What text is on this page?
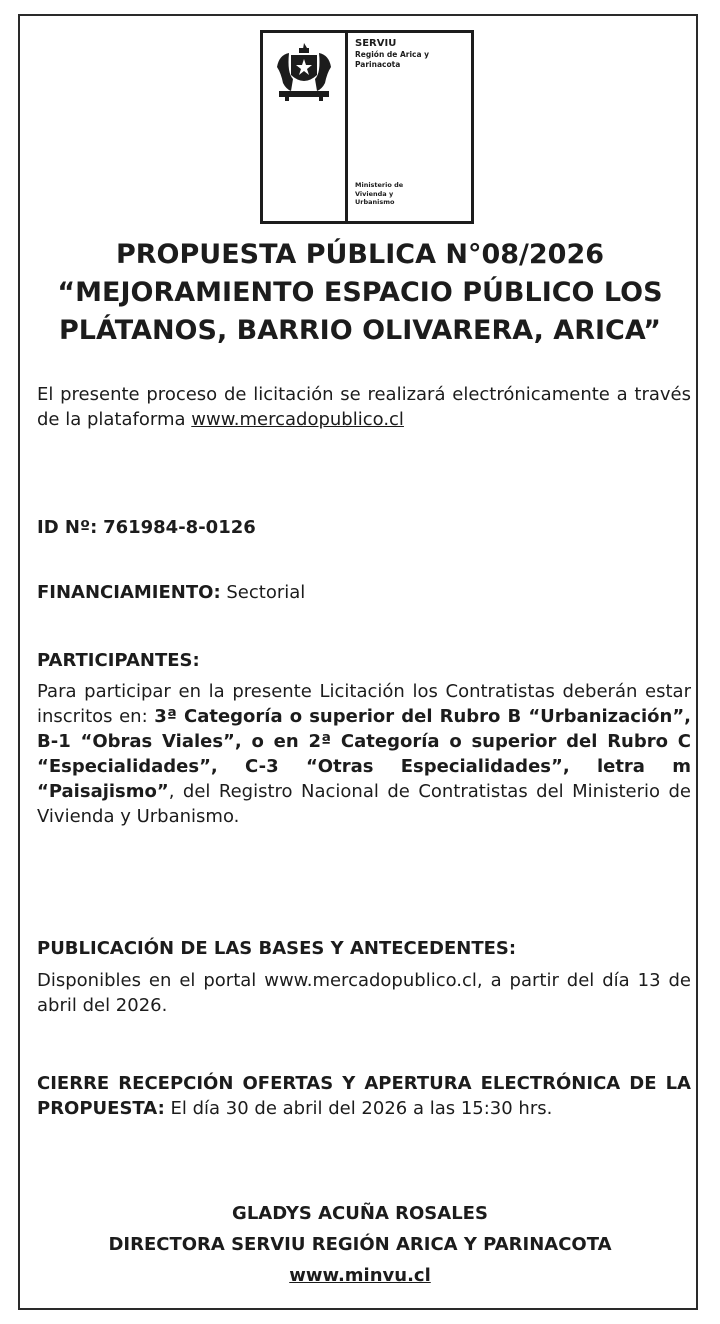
SERVIU
Región de Arica y
Parinacota
Ministerio de
Vivienda y
Urbanismo
PROPUESTA PÚBLICA N°08/2026
“MEJORAMIENTO ESPACIO PÚBLICO LOS
PLÁTANOS, BARRIO OLIVARERA, ARICA”
El presente proceso de licitación se realizará electrónicamente a través de la plataforma www.mercadopublico.cl
ID Nº: 761984-8-0126
FINANCIAMIENTO: Sectorial
PARTICIPANTES:
Para participar en la presente Licitación los Contratistas deberán estar inscritos en: 3ª Categoría o superior del Rubro B “Urbanización”, B-1 “Obras Viales”, o en 2ª Categoría o superior del Rubro C “Especialidades”, C-3 “Otras Especialidades”, letra m “Paisajismo”, del Registro Nacional de Contratistas del Ministerio de Vivienda y Urbanismo.
PUBLICACIÓN DE LAS BASES Y ANTECEDENTES:
Disponibles en el portal www.mercadopublico.cl, a partir del día 13 de abril del 2026.
CIERRE RECEPCIÓN OFERTAS Y APERTURA ELECTRÓNICA DE LA PROPUESTA: El día 30 de abril del 2026 a las 15:30 hrs.
GLADYS ACUÑA ROSALES
DIRECTORA SERVIU REGIÓN ARICA Y PARINACOTA
www.minvu.cl
